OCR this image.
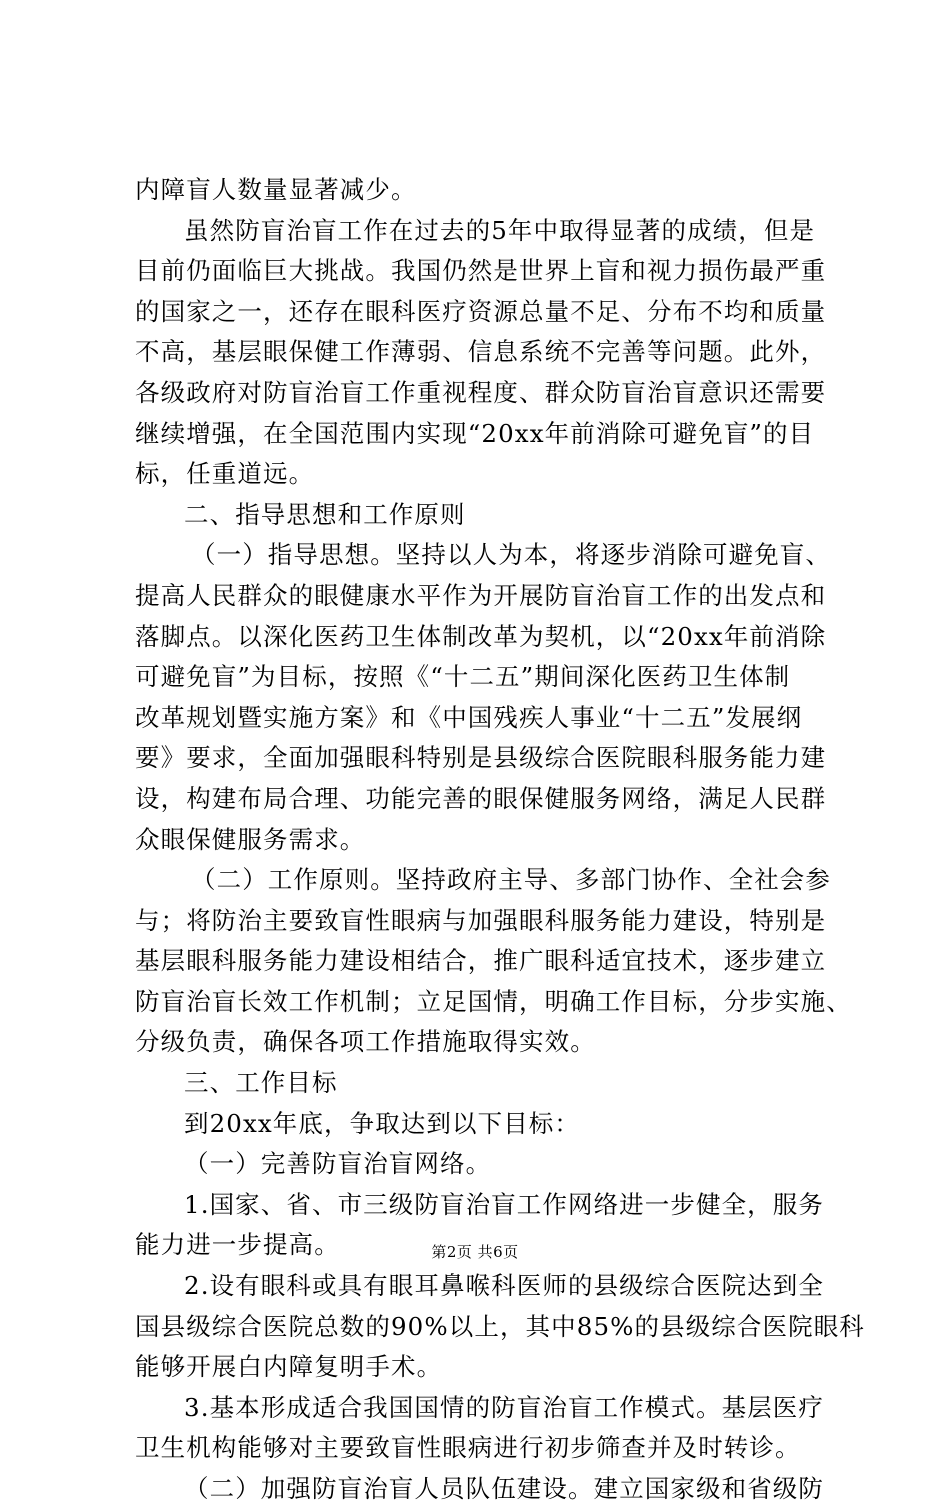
内障盲人数量显著减少。
虽然防盲治盲工作在过去的5年中取得显著的成绩，但是
目前仍面临巨大挑战。我国仍然是世界上盲和视力损伤最严重
的国家之一，还存在眼科医疗资源总量不足、分布不均和质量
不高，基层眼保健工作薄弱、信息系统不完善等问题。此外，
各级政府对防盲治盲工作重视程度、群众防盲治盲意识还需要
继续增强，在全国范围内实现“20xx年前消除可避免盲”的目
标，任重道远。
二、指导思想和工作原则
（一）指导思想。坚持以人为本，将逐步消除可避免盲、
提高人民群众的眼健康水平作为开展防盲治盲工作的出发点和
落脚点。以深化医药卫生体制改革为契机，以“20xx年前消除
可避免盲”为目标，按照《“十二五”期间深化医药卫生体制
改革规划暨实施方案》和《中国残疾人事业“十二五”发展纲
要》要求，全面加强眼科特别是县级综合医院眼科服务能力建
设，构建布局合理、功能完善的眼保健服务网络，满足人民群
众眼保健服务需求。
（二）工作原则。坚持政府主导、多部门协作、全社会参
与；将防治主要致盲性眼病与加强眼科服务能力建设，特别是
基层眼科服务能力建设相结合，推广眼科适宜技术，逐步建立
防盲治盲长效工作机制；立足国情，明确工作目标，分步实施、
分级负责，确保各项工作措施取得实效。
三、工作目标
到20xx年底，争取达到以下目标：
（一）完善防盲治盲网络。
1.国家、省、市三级防盲治盲工作网络进一步健全，服务
能力进一步提高。
2.设有眼科或具有眼耳鼻喉科医师的县级综合医院达到全
国县级综合医院总数的90%以上，其中85%的县级综合医院眼科
能够开展白内障复明手术。
3.基本形成适合我国国情的防盲治盲工作模式。基层医疗
卫生机构能够对主要致盲性眼病进行初步筛查并及时转诊。
（二）加强防盲治盲人员队伍建设。建立国家级和省级防
第2页 共6页
